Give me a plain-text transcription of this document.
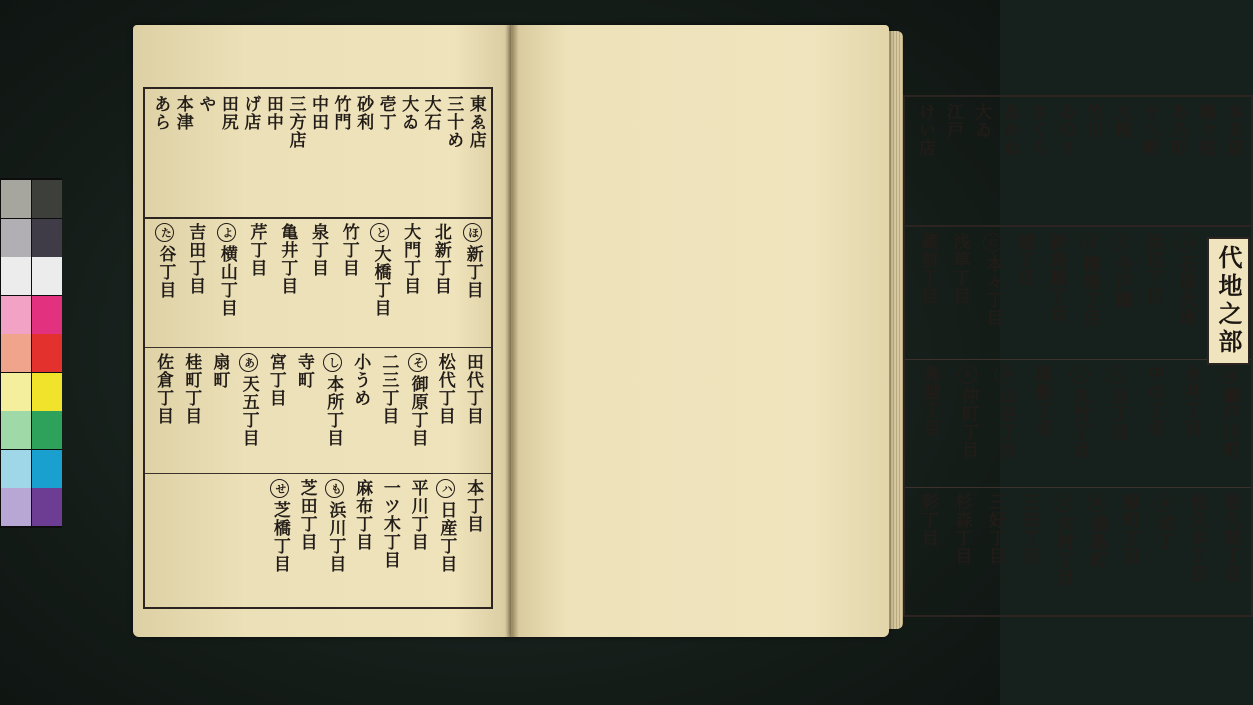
東ゑ店
三十め
大石
大ゐ
壱丁
砂利
竹門
中田
三方店
田中
げ店
田尻
や
本津
あら
ほ新丁目
北新丁目
大門丁目
と大橋丁目
竹丁目
泉丁目
亀井丁目
芹丁目
よ横山丁目
吉田丁目
た谷丁目
田代丁目
松代丁目
そ御原丁目
二三丁目
小うめ
し本所丁目
寺町
宮丁目
あ天五丁目
扇町
桂町丁目
佐倉丁目
本丁目
ハ日産丁目
平川丁目
一ツ木丁目
麻布丁目
も浜川丁目
芝田丁目
せ芝橋丁目
代地之部
本ゑ店
梅ヶ枝
あ乃町
十八軒
大根
竹川
ゐのり
さくら
あかね
大ゐ
江戸
けい店
い石原代地
浜辺丁目
ろ今戸橋
は橋場丁目
新鳥越丁目
諸丁目
に本々丁目
浅草丁目
蔵前丁目
ほ瀬戸川町
永井丁目
中の丁目
へ旦丁目
く丸竹丁目
黒船丁目
や山谷丁目
ち仲町丁目
鳥越丁目
佐久間丁目
佐久本丁目
き坊丁
緑町丁目
ゆ湯島町
ス宍村丁目
三田丁目
三好丁目
杉森丁目
彩丁目
